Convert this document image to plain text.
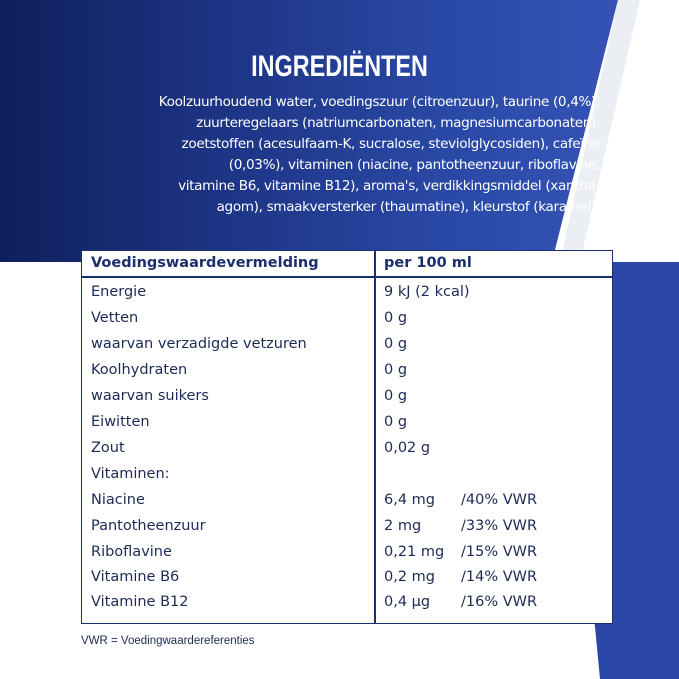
INGREDIËNTEN
Koolzuurhoudend water, voedingszuur (citroenzuur), taurine (0,4%),
zuurteregelaars (natriumcarbonaten, magnesiumcarbonaten),
zoetstoffen (acesulfaam-K, sucralose, steviolglycosiden), cafeïne
(0,03%), vitaminen (niacine, pantotheenzuur, riboflavine,
vitamine B6, vitamine B12), aroma's, verdikkingsmiddel (xantha-
agom), smaakversterker (thaumatine), kleurstof (karamel).
Voedingswaardevermelding	per 100 ml
Energie	9 kJ (2 kcal)
Vetten	0 g
waarvan verzadigde vetzuren	0 g
Koolhydraten	0 g
waarvan suikers	0 g
Eiwitten	0 g
Zout	0,02 g
Vitaminen:
Niacine	6,4 mg /40% VWR
Pantotheenzuur	2 mg	/33% VWR
Riboflavine	0,21 mg /15% VWR
Vitamine B6	0,2 mg /14% VWR
Vitamine B12	0,4 µg /16% VWR
VWR = Voedingwaardereferenties
